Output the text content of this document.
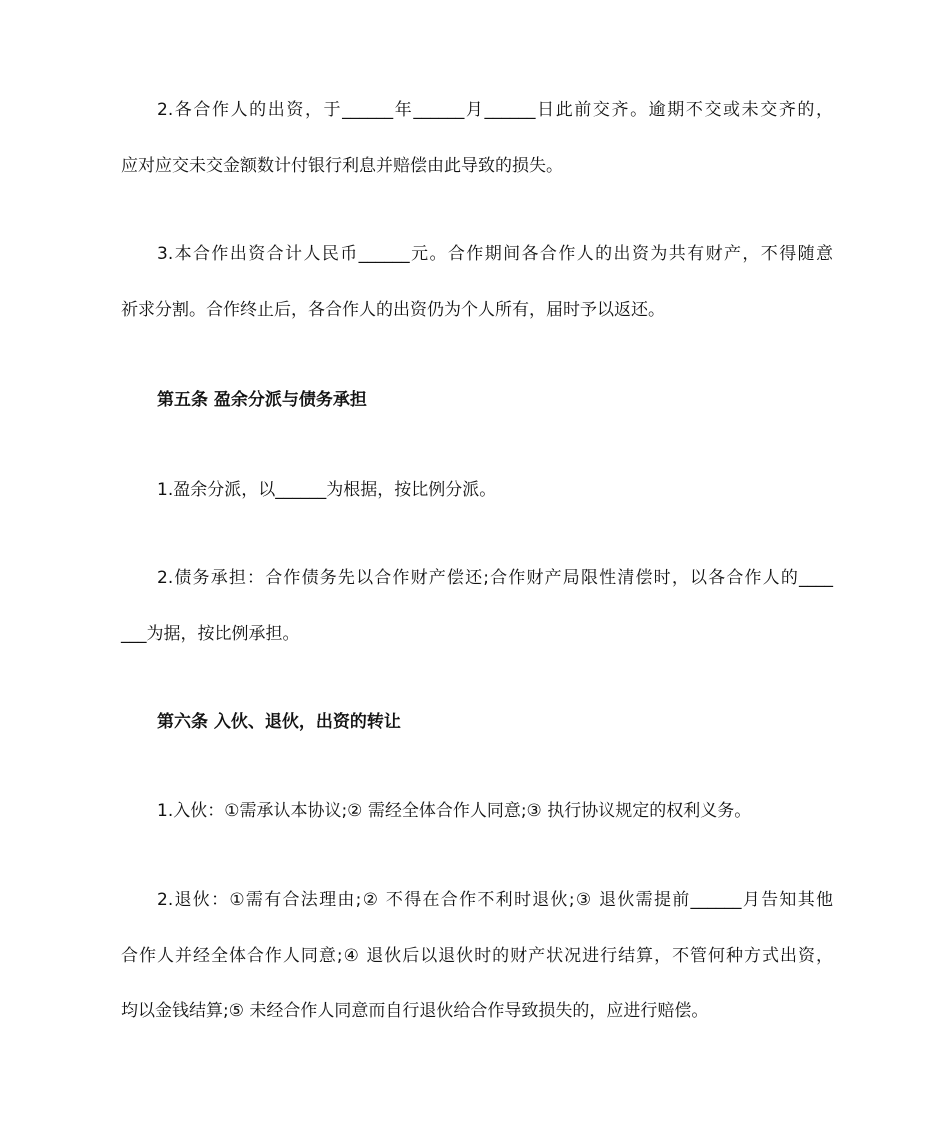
2.各合作人的出资，于______年______月______日此前交齐。逾期不交或未交齐的，
应对应交未交金额数计付银行利息并赔偿由此导致的损失。
3.本合作出资合计人民币______元。合作期间各合作人的出资为共有财产，不得随意
祈求分割。合作终止后，各合作人的出资仍为个人所有，届时予以返还。
第五条 盈余分派与债务承担
1.盈余分派，以______为根据，按比例分派。
2.债务承担：合作债务先以合作财产偿还;合作财产局限性清偿时，以各合作人的____
___为据，按比例承担。
第六条 入伙、退伙，出资的转让
1.入伙：①需承认本协议;② 需经全体合作人同意;③ 执行协议规定的权利义务。
2.退伙：①需有合法理由;② 不得在合作不利时退伙;③ 退伙需提前______月告知其他
合作人并经全体合作人同意;④ 退伙后以退伙时的财产状况进行结算，不管何种方式出资，
均以金钱结算;⑤ 未经合作人同意而自行退伙给合作导致损失的，应进行赔偿。
